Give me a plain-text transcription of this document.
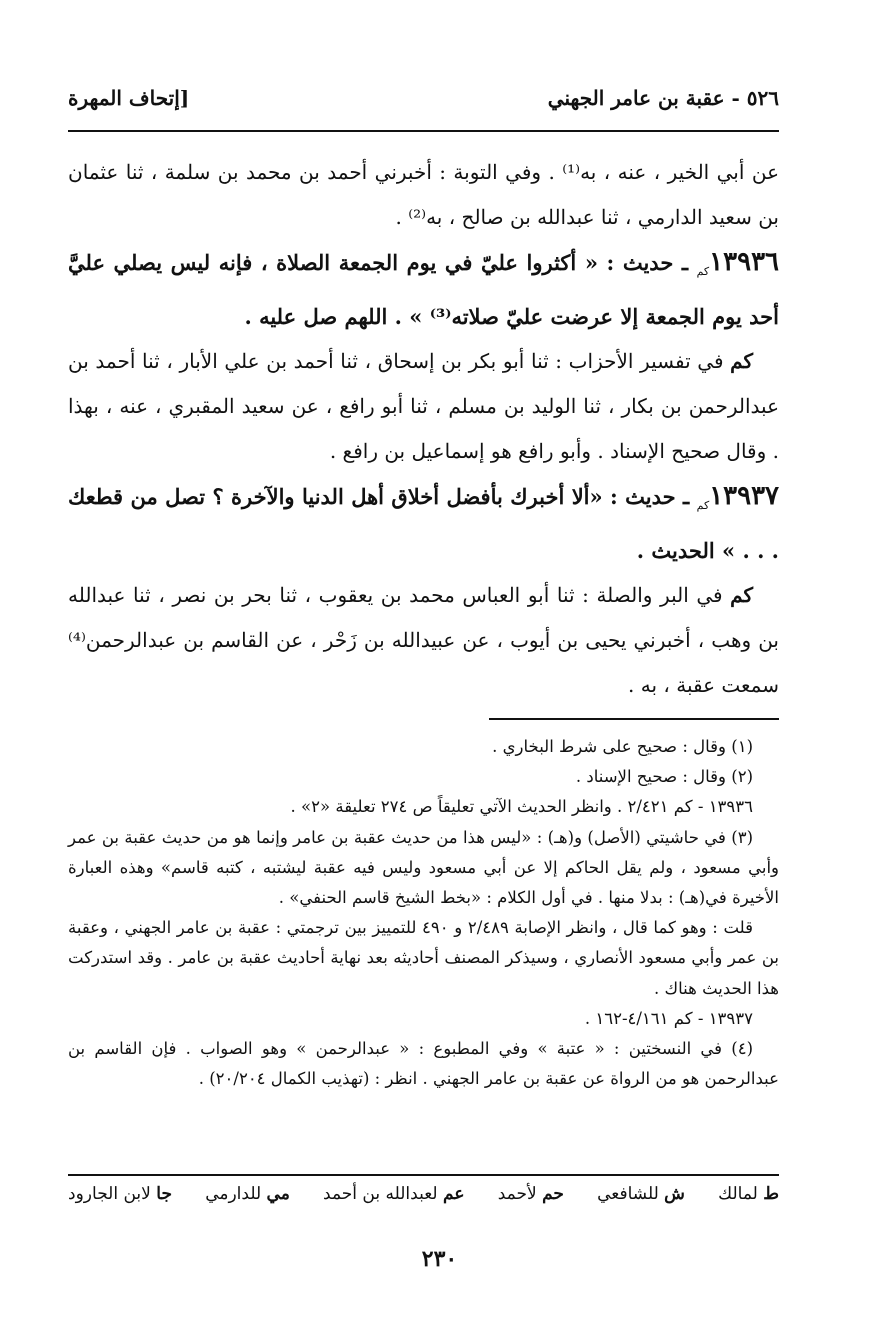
٥٢٦ - عقبة بن عامر الجهني
[إتحاف المهرة

عن أبي الخير ، عنه ، به⁽¹⁾ . وفي التوبة : أخبرني أحمد بن محمد بن سلمة ، ثنا عثمان بن سعيد الدارمي ، ثنا عبدالله بن صالح ، به⁽²⁾ .

$١٣٩٣٦_{كم}$ ـ حديث : « أكثروا عليّ في يوم الجمعة الصلاة ، فإنه ليس يصلي عليَّ أحد يوم الجمعة إلا عرضت عليّ صلاته⁽³⁾ » . اللهم صل عليه .

كم في تفسير الأحزاب : ثنا أبو بكر بن إسحاق ، ثنا أحمد بن علي الأبار ، ثنا أحمد بن عبدالرحمن بن بكار ، ثنا الوليد بن مسلم ، ثنا أبو رافع ، عن سعيد المقبري ، عنه ، بهذا . وقال صحيح الإسناد . وأبو رافع هو إسماعيل بن رافع .

$١٣٩٣٧_{كم}$ ـ حديث : «ألا أخبرك بأفضل أخلاق أهل الدنيا والآخرة ؟ تصل من قطعك . . . » الحديث .

كم في البر والصلة : ثنا أبو العباس محمد بن يعقوب ، ثنا بحر بن نصر ، ثنا عبدالله بن وهب ، أخبرني يحيى بن أيوب ، عن عبيدالله بن زَحْر ، عن القاسم بن عبدالرحمن⁽⁴⁾ سمعت عقبة ، به .

(١) وقال : صحيح على شرط البخاري .

(٢) وقال : صحيح الإسناد .

١٣٩٣٦ - كم ٢/٤٢١ . وانظر الحديث الآتي تعليقاً ص ٢٧٤ تعليقة «٢» .

(٣) في حاشيتي (الأصل) و(هـ) : «ليس هذا من حديث عقبة بن عامر وإنما هو من حديث عقبة بن عمر وأبي مسعود ، ولم يقل الحاكم إلا عن أبي مسعود وليس فيه عقبة ليشتبه ، كتبه قاسم» وهذه العبارة الأخيرة في(هـ) : بدلا منها . في أول الكلام : «بخط الشيخ قاسم الحنفي» .

قلت : وهو كما قال ، وانظر الإصابة ٢/٤٨٩ و ٤٩٠ للتمييز بين ترجمتي : عقبة بن عامر الجهني ، وعقبة بن عمر وأبي مسعود الأنصاري ، وسيذكر المصنف أحاديثه بعد نهاية أحاديث عقبة بن عامر . وقد استدركت هذا الحديث هناك .

١٣٩٣٧ - كم ٤/١٦١-١٦٢ .

(٤) في النسختين : « عتبة » وفي المطبوع : « عبدالرحمن » وهو الصواب . فإن القاسم بن عبدالرحمن هو من الرواة عن عقبة بن عامر الجهني . انظر : (تهذيب الكمال ٢٠/٢٠٤) .

ط لمالك
ش للشافعي
حم لأحمد
عم لعبدالله بن أحمد
مي للدارمي
جا لابن الجارود
٢٣٠
